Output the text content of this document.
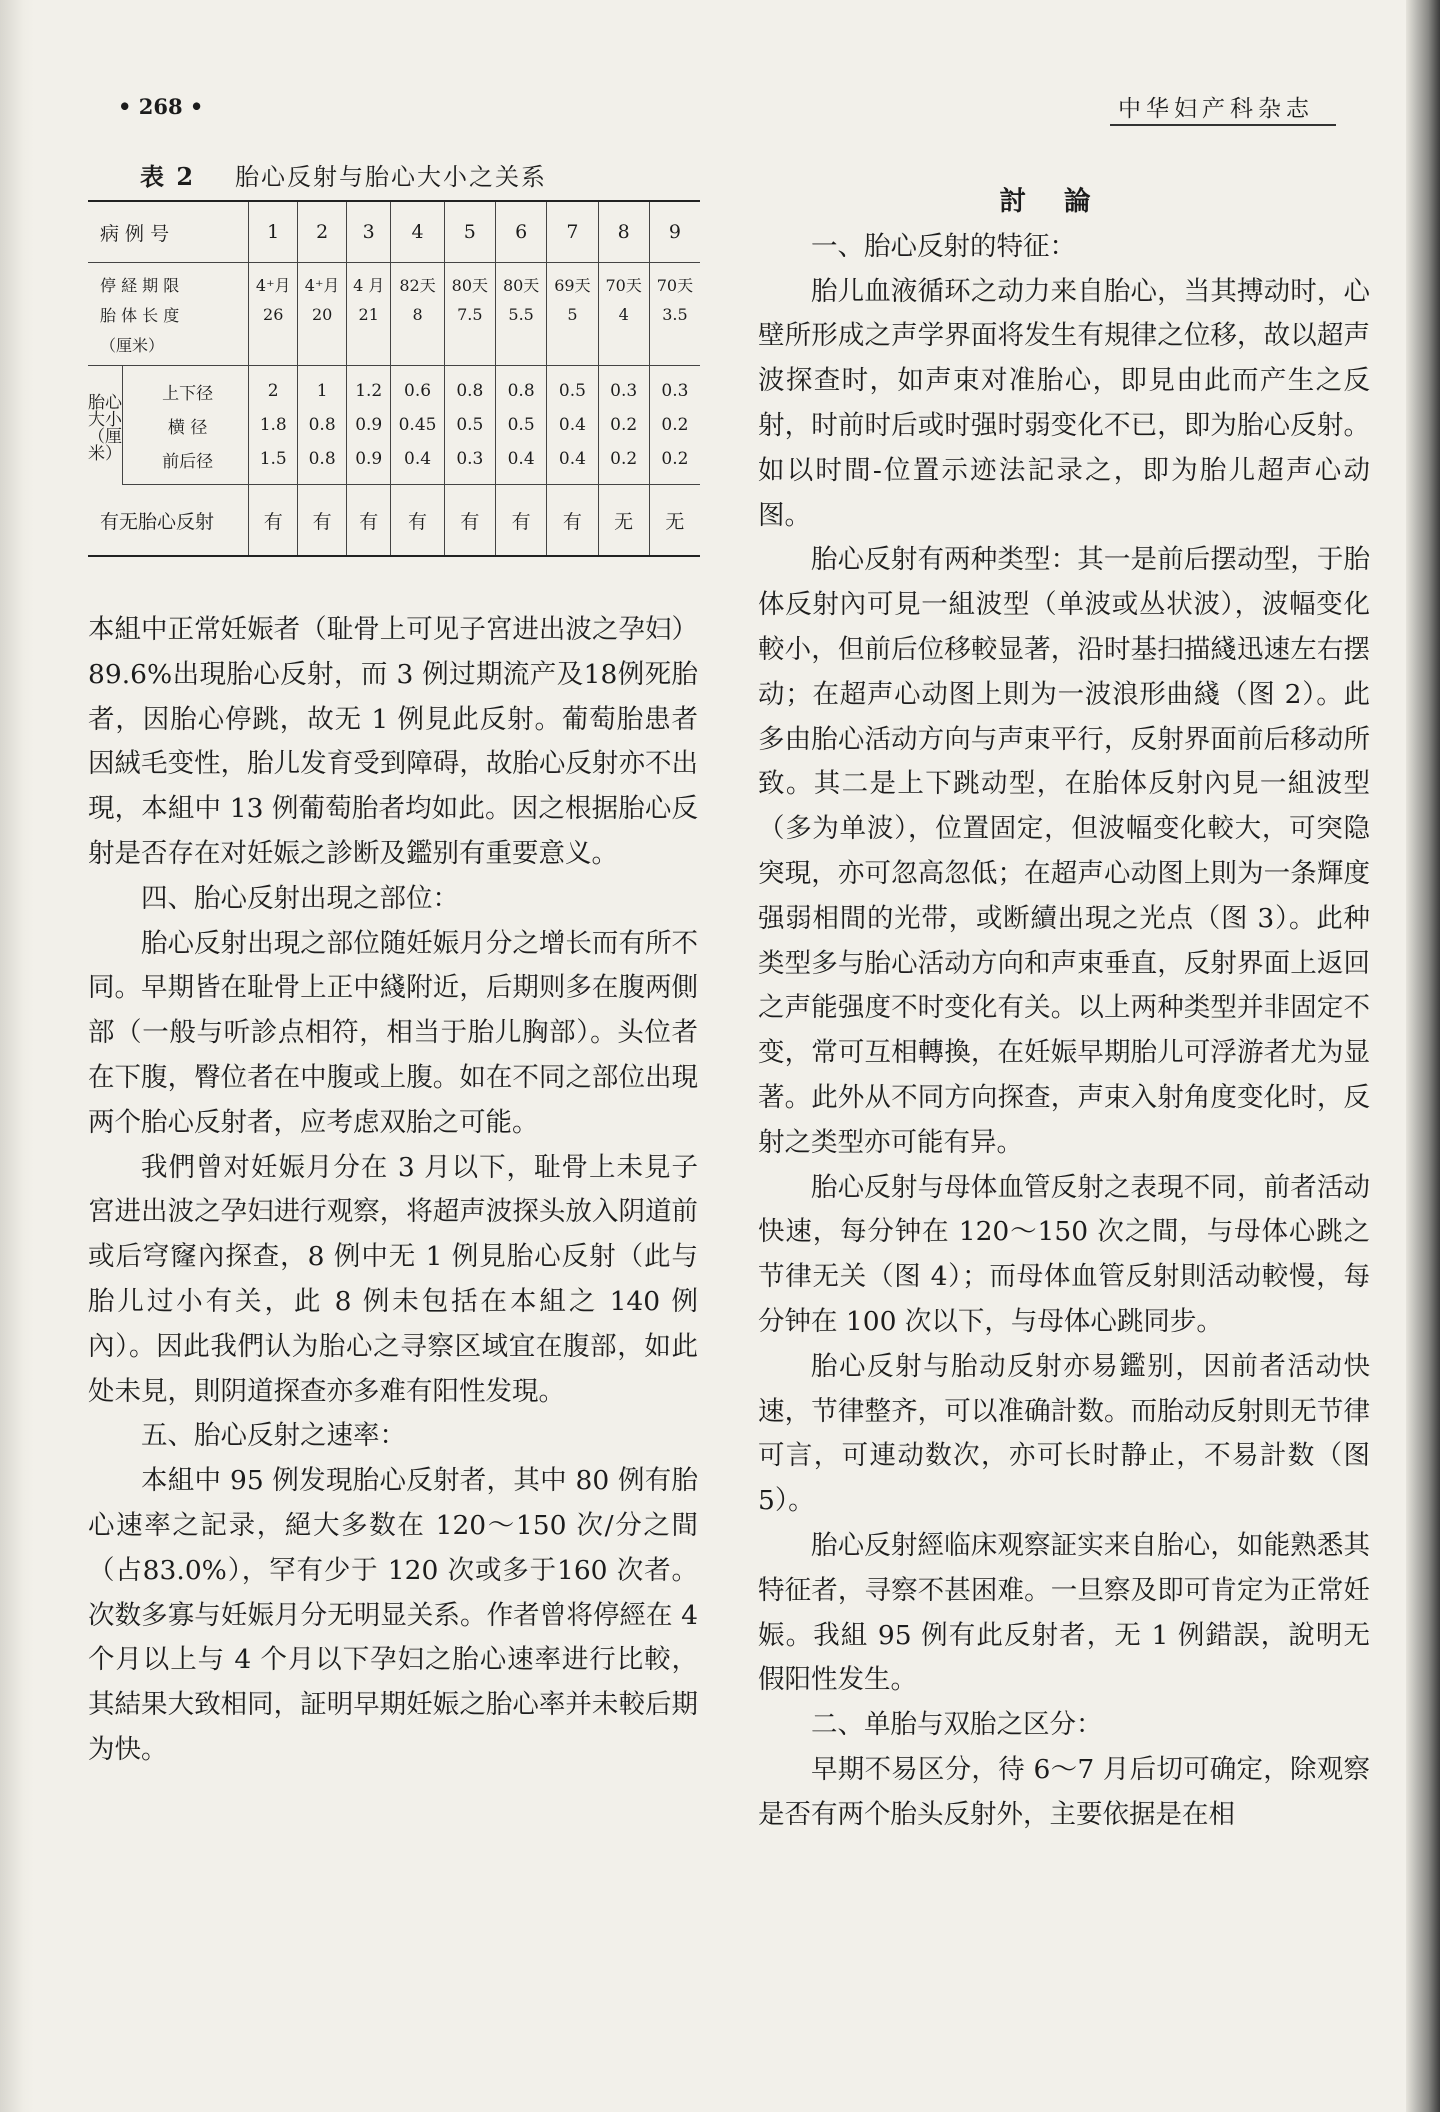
• 268 •	中华妇产科杂志
表 2 胎心反射与胎心大小之关系
病 例 号		1	2	3	4	5	6	7	8	9
停 経 期 限		4⁺月	4⁺月	4 月	82天	80天	80天	69天	70天	70天
胎 体 长 度		26	20	21	8	7.5	5.5	5	4	3.5
（厘米）										
胎心大小（厘米）	上下径	2	1	1.2	0.6	0.8	0.8	0.5	0.3	0.3
	横 径	1.8	0.8	0.9	0.45	0.5	0.5	0.4	0.2	0.2
	前后径	1.5	0.8	0.9	0.4	0.3	0.4	0.4	0.2	0.2
有无胎心反射		有	有	有	有	有	有	有	无	无

本組中正常妊娠者（耻骨上可见子宮进出波之孕妇）89.6%出現胎心反射，而 3 例过期流产及18例死胎者，因胎心停跳，故无 1 例見此反射。葡萄胎患者因絨毛变性，胎儿发育受到障碍，故胎心反射亦不出現，本組中 13 例葡萄胎者均如此。因之根据胎心反射是否存在对妊娠之診断及鑑别有重要意义。

四、胎心反射出現之部位：

胎心反射出現之部位随妊娠月分之增长而有所不同。早期皆在耻骨上正中綫附近，后期则多在腹两側部（一般与听診点相符，相当于胎儿胸部）。头位者在下腹，臀位者在中腹或上腹。如在不同之部位出現两个胎心反射者，应考虑双胎之可能。

我們曾对妊娠月分在 3 月以下，耻骨上未見子宮进出波之孕妇进行观察，将超声波探头放入阴道前或后穹窿內探查，8 例中无 1 例見胎心反射（此与胎儿过小有关，此 8 例未包括在本組之 140 例內）。因此我們认为胎心之寻察区域宜在腹部，如此处未見，則阴道探查亦多难有阳性发現。

五、胎心反射之速率：

本組中 95 例发現胎心反射者，其中 80 例有胎心速率之記录，絕大多数在 120～150 次/分之間（占83.0%），罕有少于 120 次或多于160 次者。次数多寡与妊娠月分无明显关系。作者曾将停經在 4 个月以上与 4 个月以下孕妇之胎心速率进行比較，其結果大致相同，証明早期妊娠之胎心率并未較后期为快。

討論

一、胎心反射的特征：

胎儿血液循环之动力来自胎心，当其搏动时，心壁所形成之声学界面将发生有規律之位移，故以超声波探查时，如声束对准胎心，即見由此而产生之反射，时前时后或时强时弱变化不已，即为胎心反射。如以时間-位置示迹法記录之，即为胎儿超声心动图。

胎心反射有两种类型：其一是前后摆动型，于胎体反射內可見一組波型（单波或丛状波），波幅变化較小，但前后位移較显著，沿时基扫描綫迅速左右摆动；在超声心动图上則为一波浪形曲綫（图 2）。此多由胎心活动方向与声束平行，反射界面前后移动所致。其二是上下跳动型，在胎体反射內見一組波型（多为单波），位置固定，但波幅变化較大，可突隐突現，亦可忽高忽低；在超声心动图上則为一条輝度强弱相間的光带，或断續出現之光点（图 3）。此种类型多与胎心活动方向和声束垂直，反射界面上返回之声能强度不时变化有关。以上两种类型并非固定不变，常可互相轉換，在妊娠早期胎儿可浮游者尤为显著。此外从不同方向探查，声束入射角度变化时，反射之类型亦可能有异。

胎心反射与母体血管反射之表現不同，前者活动快速，每分钟在 120～150 次之間，与母体心跳之节律无关（图 4）；而母体血管反射則活动較慢，每分钟在 100 次以下，与母体心跳同步。

胎心反射与胎动反射亦易鑑别，因前者活动快速，节律整齐，可以准确計数。而胎动反射則无节律可言，可連动数次，亦可长时静止，不易計数（图 5）。

胎心反射經临床观察証实来自胎心，如能熟悉其特征者，寻察不甚困难。一旦察及即可肯定为正常妊娠。我組 95 例有此反射者，无 1 例錯誤，說明无假阳性发生。

二、单胎与双胎之区分：

早期不易区分，待 6～7 月后切可确定，除观察是否有两个胎头反射外，主要依据是在相
